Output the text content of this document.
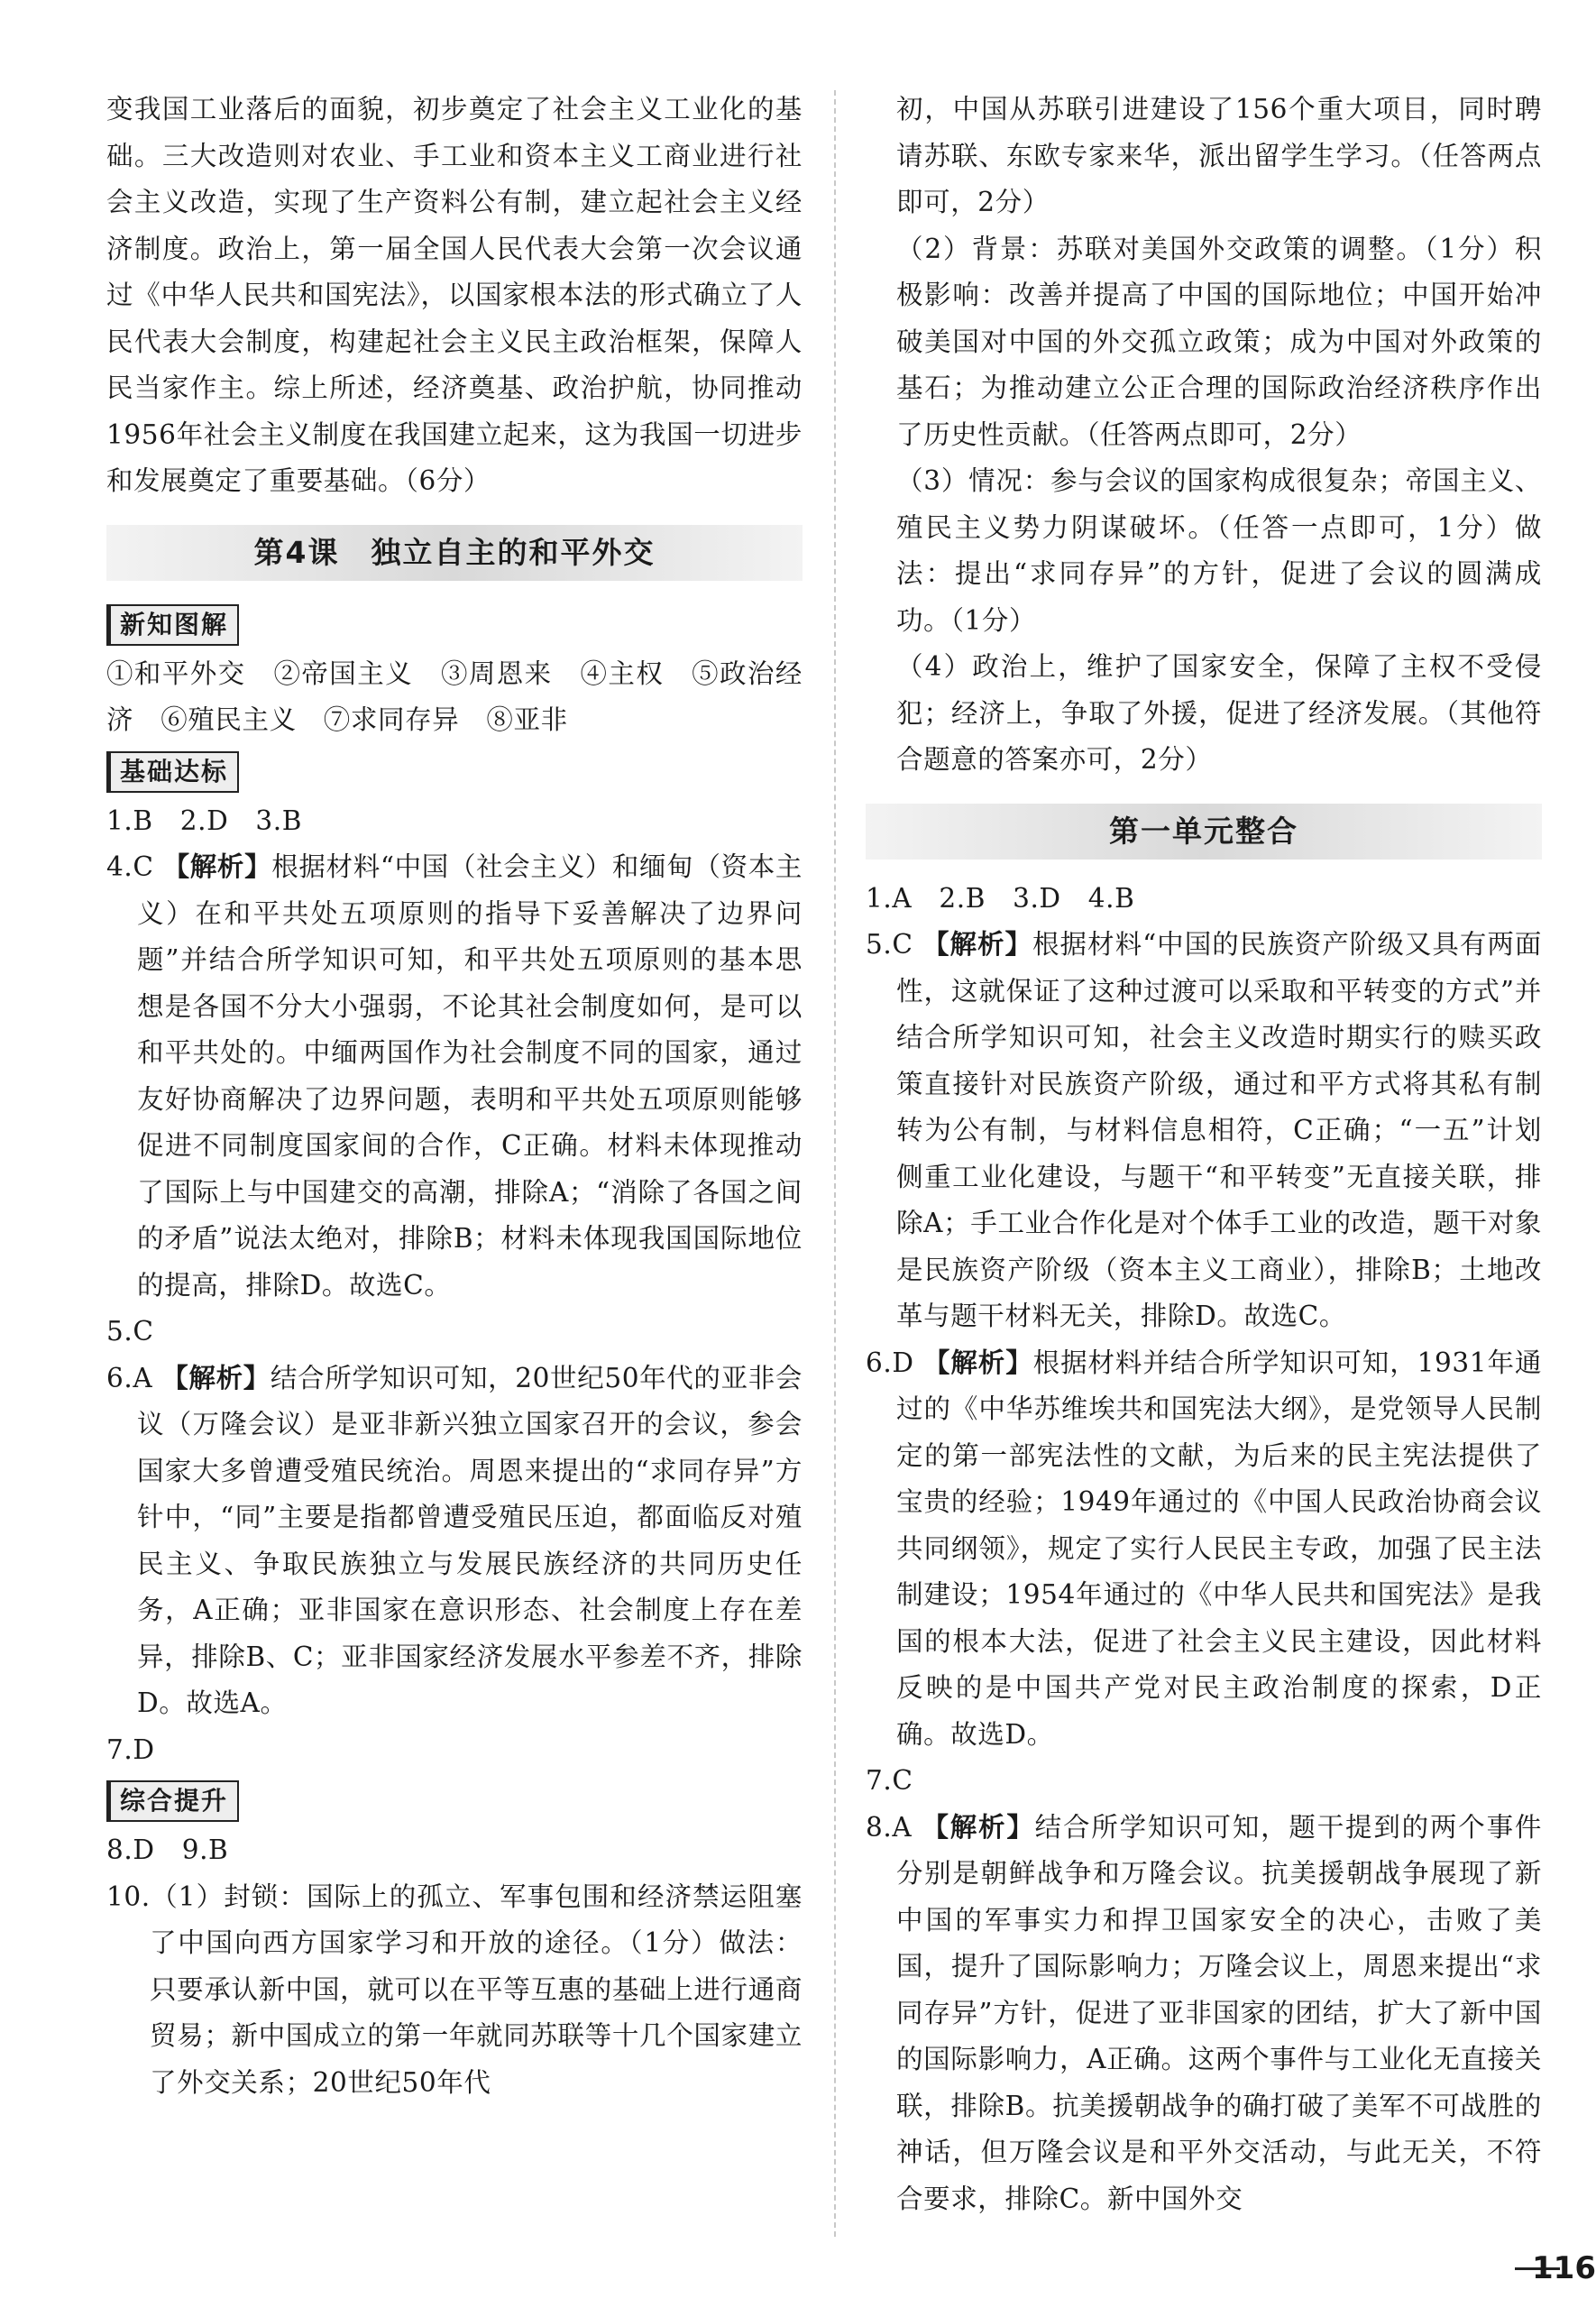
变我国工业落后的面貌，初步奠定了社会主义工业化的基础。三大改造则对农业、手工业和资本主义工商业进行社会主义改造，实现了生产资料公有制，建立起社会主义经济制度。政治上，第一届全国人民代表大会第一次会议通过《中华人民共和国宪法》，以国家根本法的形式确立了人民代表大会制度，构建起社会主义民主政治框架，保障人民当家作主。综上所述，经济奠基、政治护航，协同推动1956年社会主义制度在我国建立起来，这为我国一切进步和发展奠定了重要基础。（6分）

第4课　独立自主的和平外交
新知图解

①和平外交　②帝国主义　③周恩来　④主权　⑤政治经济　⑥殖民主义　⑦求同存异　⑧亚非

基础达标

1.B　2.D　3.B

4.C 【解析】根据材料“中国（社会主义）和缅甸（资本主义）在和平共处五项原则的指导下妥善解决了边界问题”并结合所学知识可知，和平共处五项原则的基本思想是各国不分大小强弱，不论其社会制度如何，是可以和平共处的。中缅两国作为社会制度不同的国家，通过友好协商解决了边界问题，表明和平共处五项原则能够促进不同制度国家间的合作，C正确。材料未体现推动了国际上与中国建交的高潮，排除A；“消除了各国之间的矛盾”说法太绝对，排除B；材料未体现我国国际地位的提高，排除D。故选C。

5.C

6.A 【解析】结合所学知识可知，20世纪50年代的亚非会议（万隆会议）是亚非新兴独立国家召开的会议，参会国家大多曾遭受殖民统治。周恩来提出的“求同存异”方针中，“同”主要是指都曾遭受殖民压迫，都面临反对殖民主义、争取民族独立与发展民族经济的共同历史任务，A正确；亚非国家在意识形态、社会制度上存在差异，排除B、C；亚非国家经济发展水平参差不齐，排除D。故选A。

7.D

综合提升

8.D　9.B

10.（1）封锁：国际上的孤立、军事包围和经济禁运阻塞了中国向西方国家学习和开放的途径。（1分）做法：只要承认新中国，就可以在平等互惠的基础上进行通商贸易；新中国成立的第一年就同苏联等十几个国家建立了外交关系；20世纪50年代

初，中国从苏联引进建设了156个重大项目，同时聘请苏联、东欧专家来华，派出留学生学习。（任答两点即可，2分）

（2）背景：苏联对美国外交政策的调整。（1分）积极影响：改善并提高了中国的国际地位；中国开始冲破美国对中国的外交孤立政策；成为中国对外政策的基石；为推动建立公正合理的国际政治经济秩序作出了历史性贡献。（任答两点即可，2分）

（3）情况：参与会议的国家构成很复杂；帝国主义、殖民主义势力阴谋破坏。（任答一点即可，1分）做法：提出“求同存异”的方针，促进了会议的圆满成功。（1分）

（4）政治上，维护了国家安全，保障了主权不受侵犯；经济上，争取了外援，促进了经济发展。（其他符合题意的答案亦可，2分）

第一单元整合

1.A　2.B　3.D　4.B

5.C 【解析】根据材料“中国的民族资产阶级又具有两面性，这就保证了这种过渡可以采取和平转变的方式”并结合所学知识可知，社会主义改造时期实行的赎买政策直接针对民族资产阶级，通过和平方式将其私有制转为公有制，与材料信息相符，C正确；“一五”计划侧重工业化建设，与题干“和平转变”无直接关联，排除A；手工业合作化是对个体手工业的改造，题干对象是民族资产阶级（资本主义工商业），排除B；土地改革与题干材料无关，排除D。故选C。

6.D 【解析】根据材料并结合所学知识可知，1931年通过的《中华苏维埃共和国宪法大纲》，是党领导人民制定的第一部宪法性的文献，为后来的民主宪法提供了宝贵的经验；1949年通过的《中国人民政治协商会议共同纲领》，规定了实行人民民主专政，加强了民主法制建设；1954年通过的《中华人民共和国宪法》是我国的根本大法，促进了社会主义民主建设，因此材料反映的是中国共产党对民主政治制度的探索，D正确。故选D。

7.C

8.A 【解析】结合所学知识可知，题干提到的两个事件分别是朝鲜战争和万隆会议。抗美援朝战争展现了新中国的军事实力和捍卫国家安全的决心，击败了美国，提升了国际影响力；万隆会议上，周恩来提出“求同存异”方针，促进了亚非国家的团结，扩大了新中国的国际影响力，A正确。这两个事件与工业化无直接关联，排除B。抗美援朝战争的确打破了美军不可战胜的神话，但万隆会议是和平外交活动，与此无关，不符合要求，排除C。新中国外交

116
